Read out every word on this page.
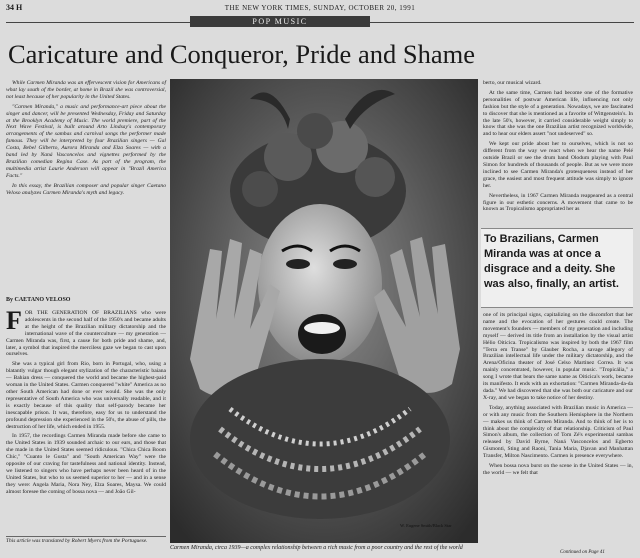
34 H	THE NEW YORK TIMES, SUNDAY, OCTOBER 20, 1991
POP MUSIC
Caricature and Conqueror, Pride and Shame

While Carmen Miranda was an effervescent vision for Americans of what lay south of the border, at home in Brazil she was controversial, not least because of her popularity in the United States.

"Carmen Miranda," a music and performance-art piece about the singer and dancer, will be presented Wednesday, Friday and Saturday at the Brooklyn Academy of Music. The world premiere, part of the Next Wave Festival, is built around Arto Lindsay's contemporary arrangements of the sambas and carnival songs the performer made famous. They will be interpreted by four Brazilian singers — Gal Costa, Bebel Gilberto, Aurora Miranda and Elza Soares — with a band led by Naná Vasconcelos and vignettes performed by the Brazilian comedian Regina Case. As part of the program, the multimedia artist Laurie Anderson will appear in "Brazil America Facts."

In this essay, the Brazilian composer and popular singer Caetano Veloso analyzes Carmen Miranda's myth and legacy.

By CAETANO VELOSO

FOR THE GENERATION OF BRAZILIANS who were adolescents in the second half of the 1950's and became adults at the height of the Brazilian military dictatorship and the international wave of the counterculture — my generation — Carmen Miranda was, first, a cause for both pride and shame, and, later, a symbol that inspired the merciless gaze we began to cast upon ourselves.

She was a typical girl from Rio, born in Portugal, who, using a blatantly vulgar though elegant stylization of the characteristic baiana — Bahian dress — conquered the world and became the highest-paid woman in the United States. Carmen conquered "white" America as no other South American had done or ever would. She was the only representative of South America who was universally readable, and it is exactly because of this quality that self-parody became her inescapable prison. It was, therefore, easy for us to understand the profound depression she experienced in the 50's, the abuse of pills, the destruction of her life, which ended in 1955.

In 1957, the recordings Carmen Miranda made before she came to the United States in 1939 sounded archaic to our ears, and those that she made in the United States seemed ridiculous. "Chica Chica Boom Chic," "Cuanto le Gusta" and "South American Way" were the opposite of our craving for tastefulness and national identity. Instead, we listened to singers who have perhaps never been heard of in the United States, but who to us seemed superior to her — and in a sense they were: Angela Maria, Nora Ney, Elza Soares, Maysa. We could almost foresee the coming of bossa nova — and João Gil-

This article was translated by Robert Myers from the Portuguese.
W. Eugene Smith/Black Star
Carmen Miranda, circa 1939—a complex relationship between a rich music from a poor country and the rest of the world

berto, our musical wizard.

At the same time, Carmen had become one of the formative personalities of postwar American life, influencing not only fashion but the style of a generation. Nowadays, we are fascinated to discover that she is mentioned as a favorite of Wittgenstein's. In the late 50's, however, it carried considerable weight simply to know that she was the one Brazilian artist recognized worldwide, and to hear our elders assert "not undeserved" so.

We kept our pride about her to ourselves, which is not so different from the way we react when we hear the name Pelé outside Brazil or see the drum band Olodum playing with Paul Simon for hundreds of thousands of people. But as we were more inclined to see Carmen Miranda's grotesqueness instead of her grace, the easiest and most frequent attitude was simply to ignore her.

Nevertheless, in 1967 Carmen Miranda reappeared as a central figure in our esthetic concerns. A movement that came to be known as Tropicalismo appropriated her as

To Brazilians, Carmen Miranda was at once a disgrace and a deity. She was also, finally, an artist.

one of its principal signs, capitalizing on the discomfort that her name and the evocation of her gestures could create. The movement's founders — members of my generation and including myself — derived its title from an installation by the visual artist Hélio Oiticica. Tropicalismo was inspired by both the 1967 film "Terra em Transe" by Glauber Rocha, a savage allegory of Brazilian intellectual life under the military dictatorship, and the Arena/Oficina theater of José Celso Martinez Correa. It was mainly concentrated, however, in popular music. "Tropicália," a song I wrote that bears the same name as Oiticica's work, became its manifesto. It ends with an exhortation: "Carmen Miranda-da-da dada." We had discovered that she was both our caricature and our X-ray, and we began to take notice of her destiny.

Today, anything associated with Brazilian music in America — or with any music from the Southern Hemisphere in the Northern — makes us think of Carmen Miranda. And to think of her is to think about the complexity of that relationship. Criticism of Paul Simon's album, the collection of Tom Zé's experimental sambas released by David Byrne, Naná Vasconcelos and Egberto Gismonti, Sting and Raoni, Tania Maria, Djavan and Manhattan Transfer, Milton Nascimento. Carmen is presence everywhere.

When bossa nova burst on the scene in the United States — in, the world — we felt that

Continued on Page 41
